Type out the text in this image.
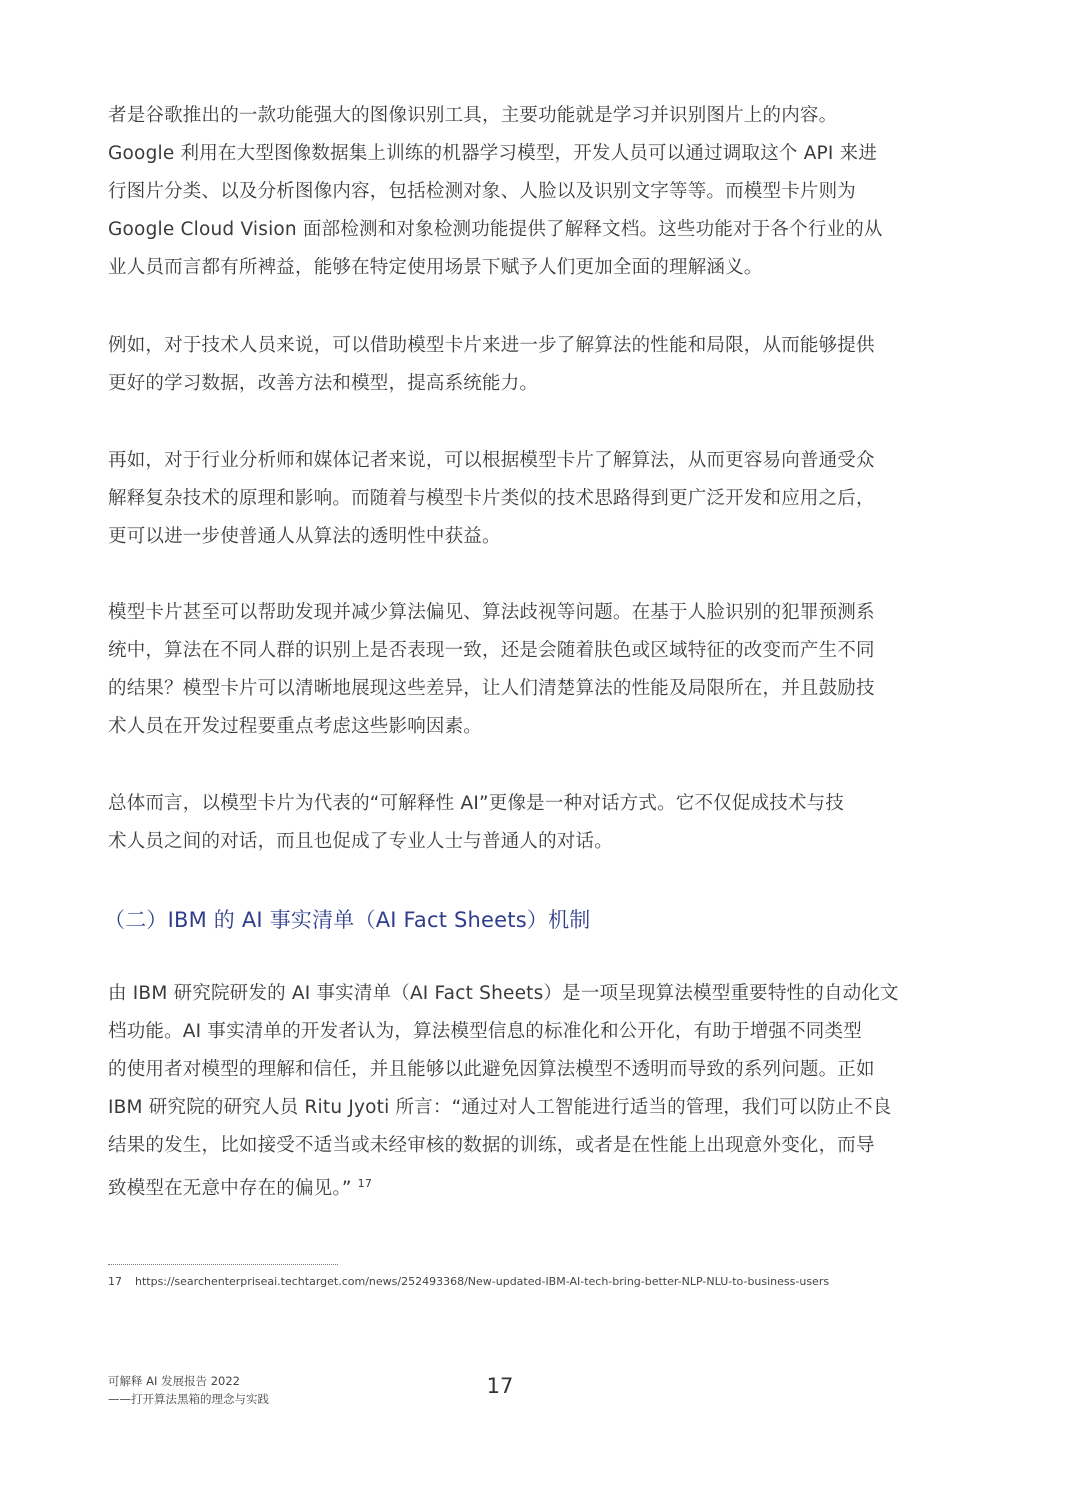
者是谷歌推出的一款功能强大的图像识别工具，主要功能就是学习并识别图片上的内容。
Google 利用在大型图像数据集上训练的机器学习模型，开发人员可以通过调取这个 API 来进
行图片分类、以及分析图像内容，包括检测对象、人脸以及识别文字等等。而模型卡片则为
Google Cloud Vision 面部检测和对象检测功能提供了解释文档。这些功能对于各个行业的从
业人员而言都有所裨益，能够在特定使用场景下赋予人们更加全面的理解涵义。
例如，对于技术人员来说，可以借助模型卡片来进一步了解算法的性能和局限，从而能够提供
更好的学习数据，改善方法和模型，提高系统能力。
再如，对于行业分析师和媒体记者来说，可以根据模型卡片了解算法，从而更容易向普通受众
解释复杂技术的原理和影响。而随着与模型卡片类似的技术思路得到更广泛开发和应用之后，
更可以进一步使普通人从算法的透明性中获益。
模型卡片甚至可以帮助发现并减少算法偏见、算法歧视等问题。在基于人脸识别的犯罪预测系
统中，算法在不同人群的识别上是否表现一致，还是会随着肤色或区域特征的改变而产生不同
的结果？模型卡片可以清晰地展现这些差异，让人们清楚算法的性能及局限所在，并且鼓励技
术人员在开发过程要重点考虑这些影响因素。
总体而言，以模型卡片为代表的“可解释性 AI”更像是一种对话方式。它不仅促成技术与技
术人员之间的对话，而且也促成了专业人士与普通人的对话。
（二）IBM 的 AI 事实清单（AI Fact Sheets）机制
由 IBM 研究院研发的 AI 事实清单（AI Fact Sheets）是一项呈现算法模型重要特性的自动化文
档功能。AI 事实清单的开发者认为，算法模型信息的标准化和公开化，有助于增强不同类型
的使用者对模型的理解和信任，并且能够以此避免因算法模型不透明而导致的系列问题。正如
IBM 研究院的研究人员 Ritu Jyoti 所言：“通过对人工智能进行适当的管理，我们可以防止不良
结果的发生，比如接受不适当或未经审核的数据的训练，或者是在性能上出现意外变化，而导
致模型在无意中存在的偏见。” $^{17}$
17 https://searchenterpriseai.techtarget.com/news/252493368/New-updated-IBM-AI-tech-bring-better-NLP-NLU-to-business-users
可解释 AI 发展报告 2022
——打开算法黑箱的理念与实践
17
